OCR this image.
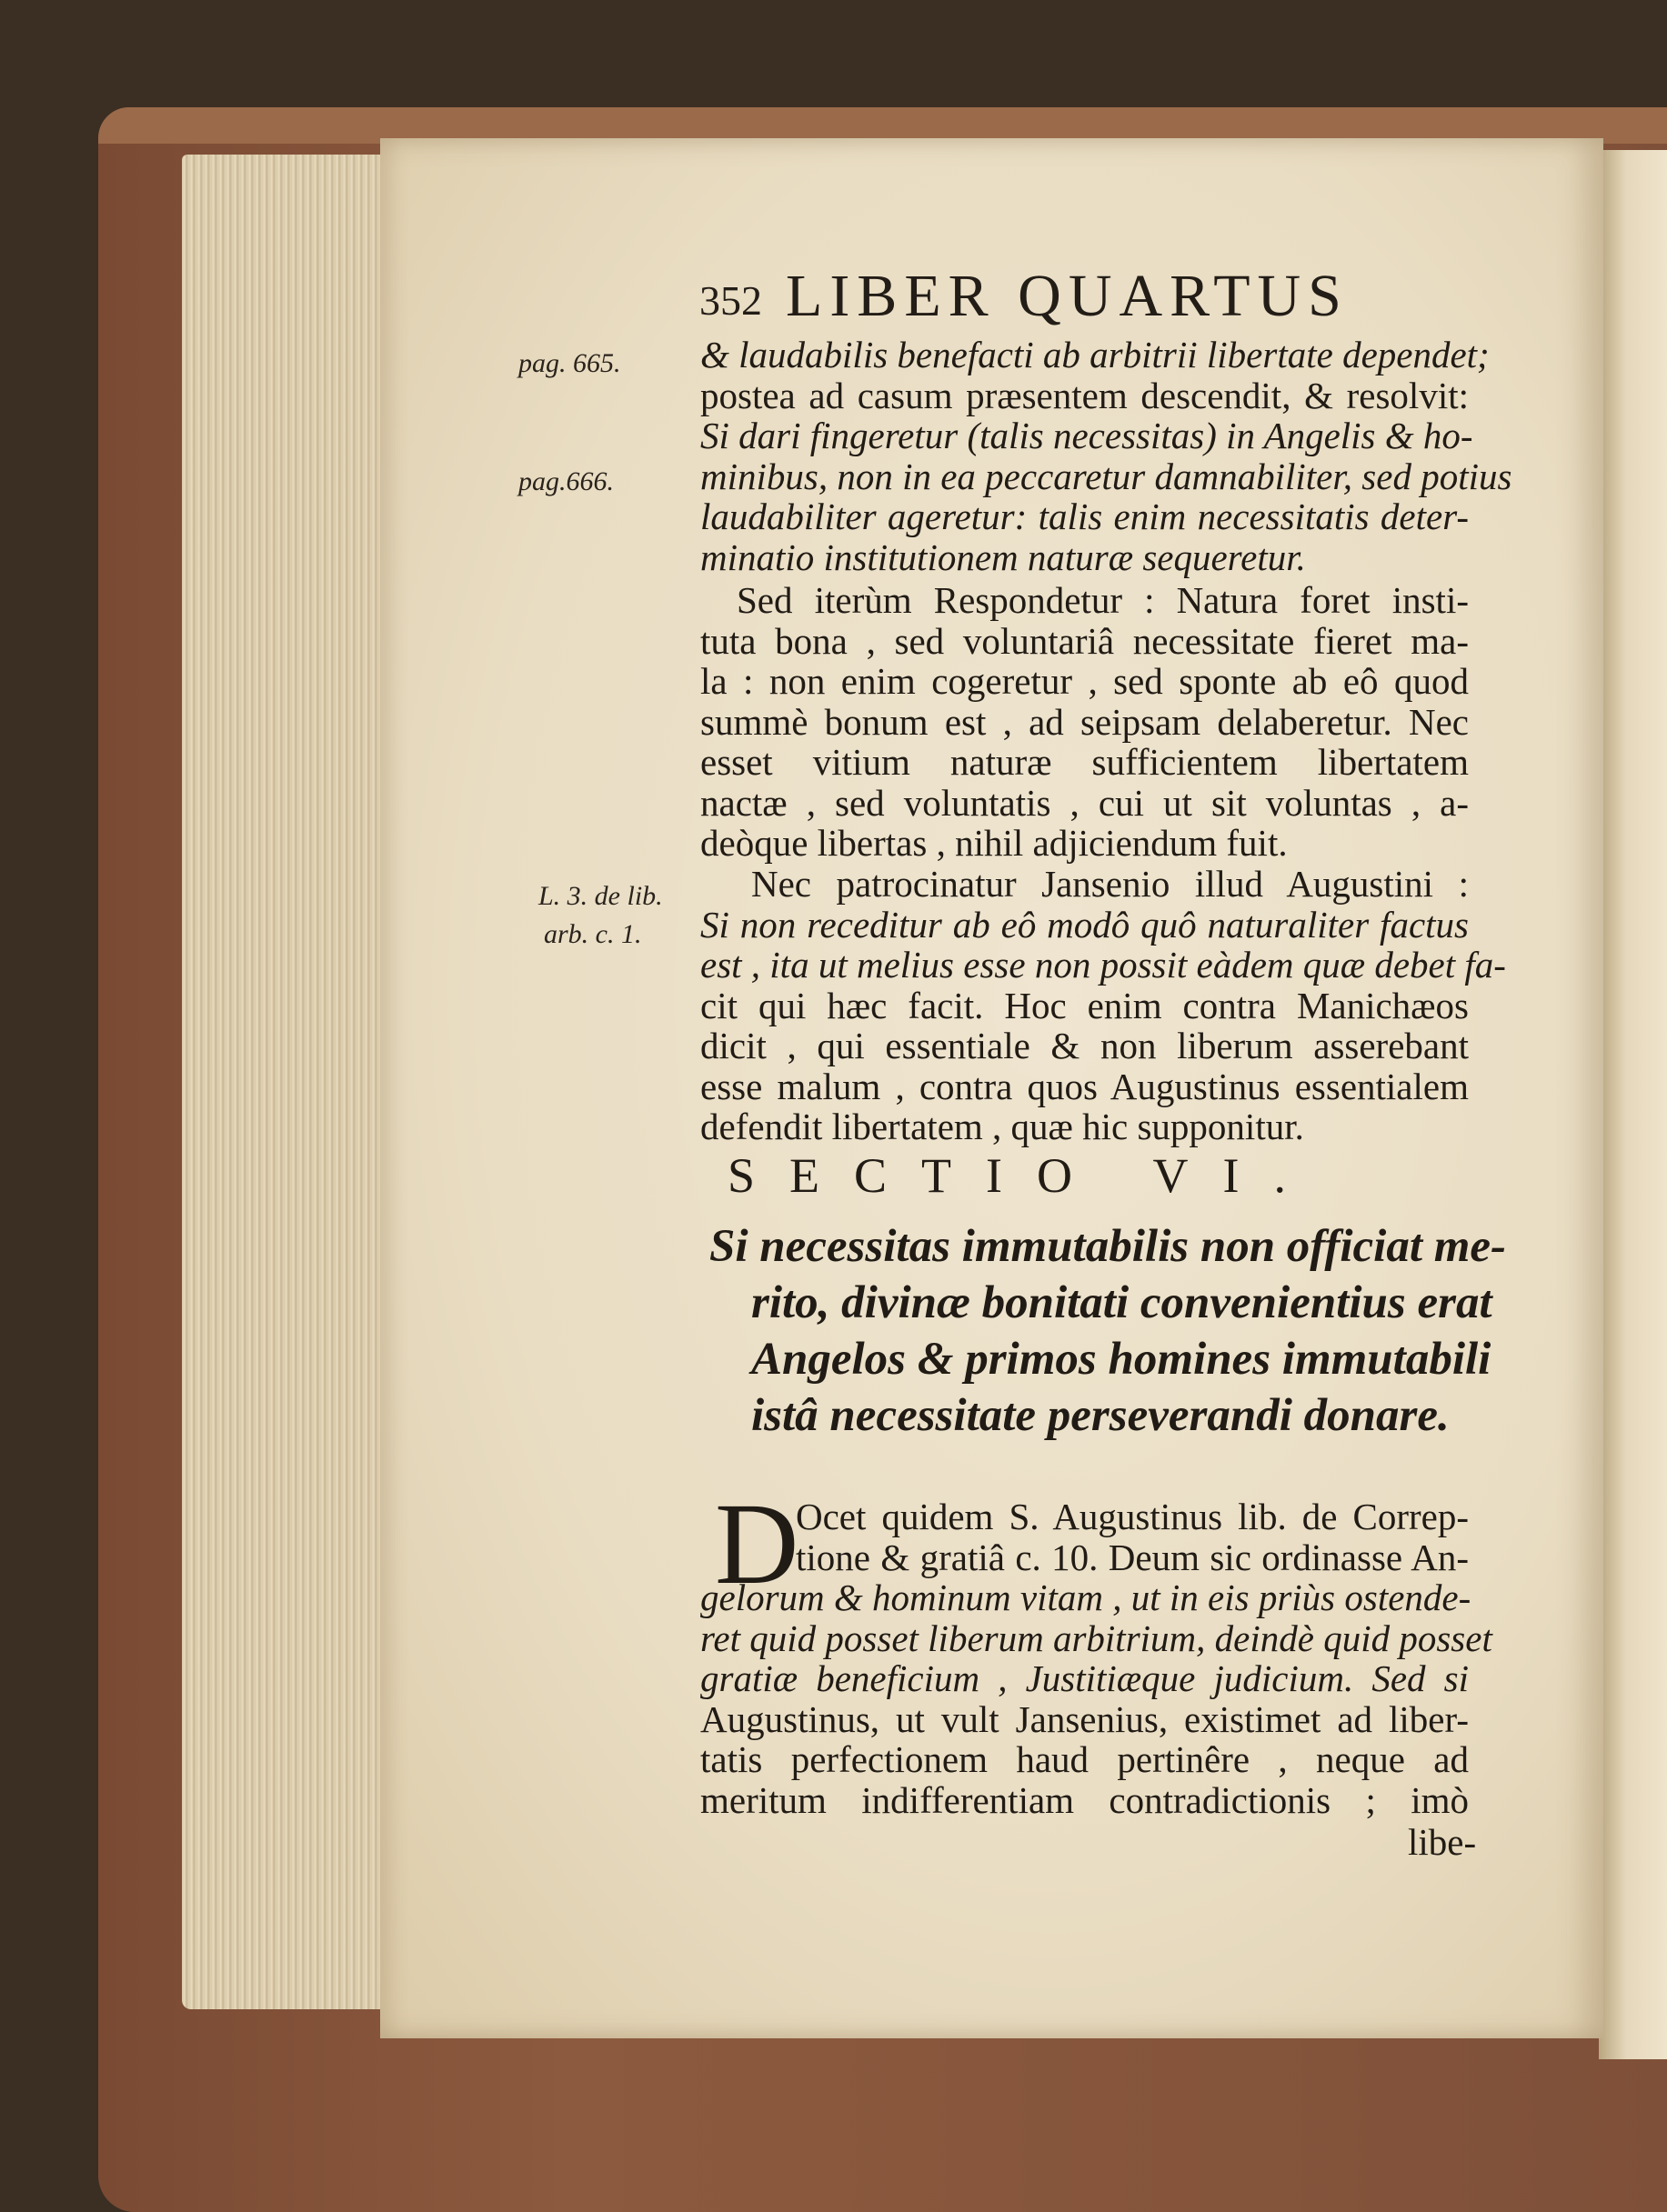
352 LIBER QUARTUS
pag. 665.
pag.666.
L. 3. de lib.
arb. c. 1.
& laudabilis benefacti ab arbitrii libertate dependet;
postea ad casum præsentem descendit, & resolvit:
Si dari fingeretur (talis necessitas) in Angelis & ho-
minibus, non in ea peccaretur damnabiliter, sed potius
laudabiliter ageretur: talis enim necessitatis deter-
minatio institutionem naturæ sequeretur.
Sed iterùm Respondetur : Natura foret insti-
tuta bona , sed voluntariâ necessitate fieret ma-
la : non enim cogeretur , sed sponte ab eô quod
summè bonum est , ad seipsam delaberetur. Nec
esset vitium naturæ sufficientem libertatem
nactæ , sed voluntatis , cui ut sit voluntas , a-
deòque libertas , nihil adjiciendum fuit.
Nec patrocinatur Jansenio illud Augustini :
Si non receditur ab eô modô quô naturaliter factus
est , ita ut melius esse non possit eàdem quæ debet fa-
cit qui hæc facit. Hoc enim contra Manichæos
dicit , qui essentiale & non liberum asserebant
esse malum , contra quos Augustinus essentialem
defendit libertatem , quæ hic supponitur.
SECTIO VI.
Si necessitas immutabilis non officiat me-
rito, divinæ bonitati convenientius erat
Angelos & primos homines immutabili
istâ necessitate perseverandi donare.
D
Ocet quidem S. Augustinus lib. de Correp-
tione & gratiâ c. 10. Deum sic ordinasse An-
gelorum & hominum vitam , ut in eis priùs ostende-
ret quid posset liberum arbitrium, deindè quid posset
gratiæ beneficium , Justitiæque judicium. Sed si
Augustinus, ut vult Jansenius, existimet ad liber-
tatis perfectionem haud pertinêre , neque ad
meritum indifferentiam contradictionis ; imò
libe-
